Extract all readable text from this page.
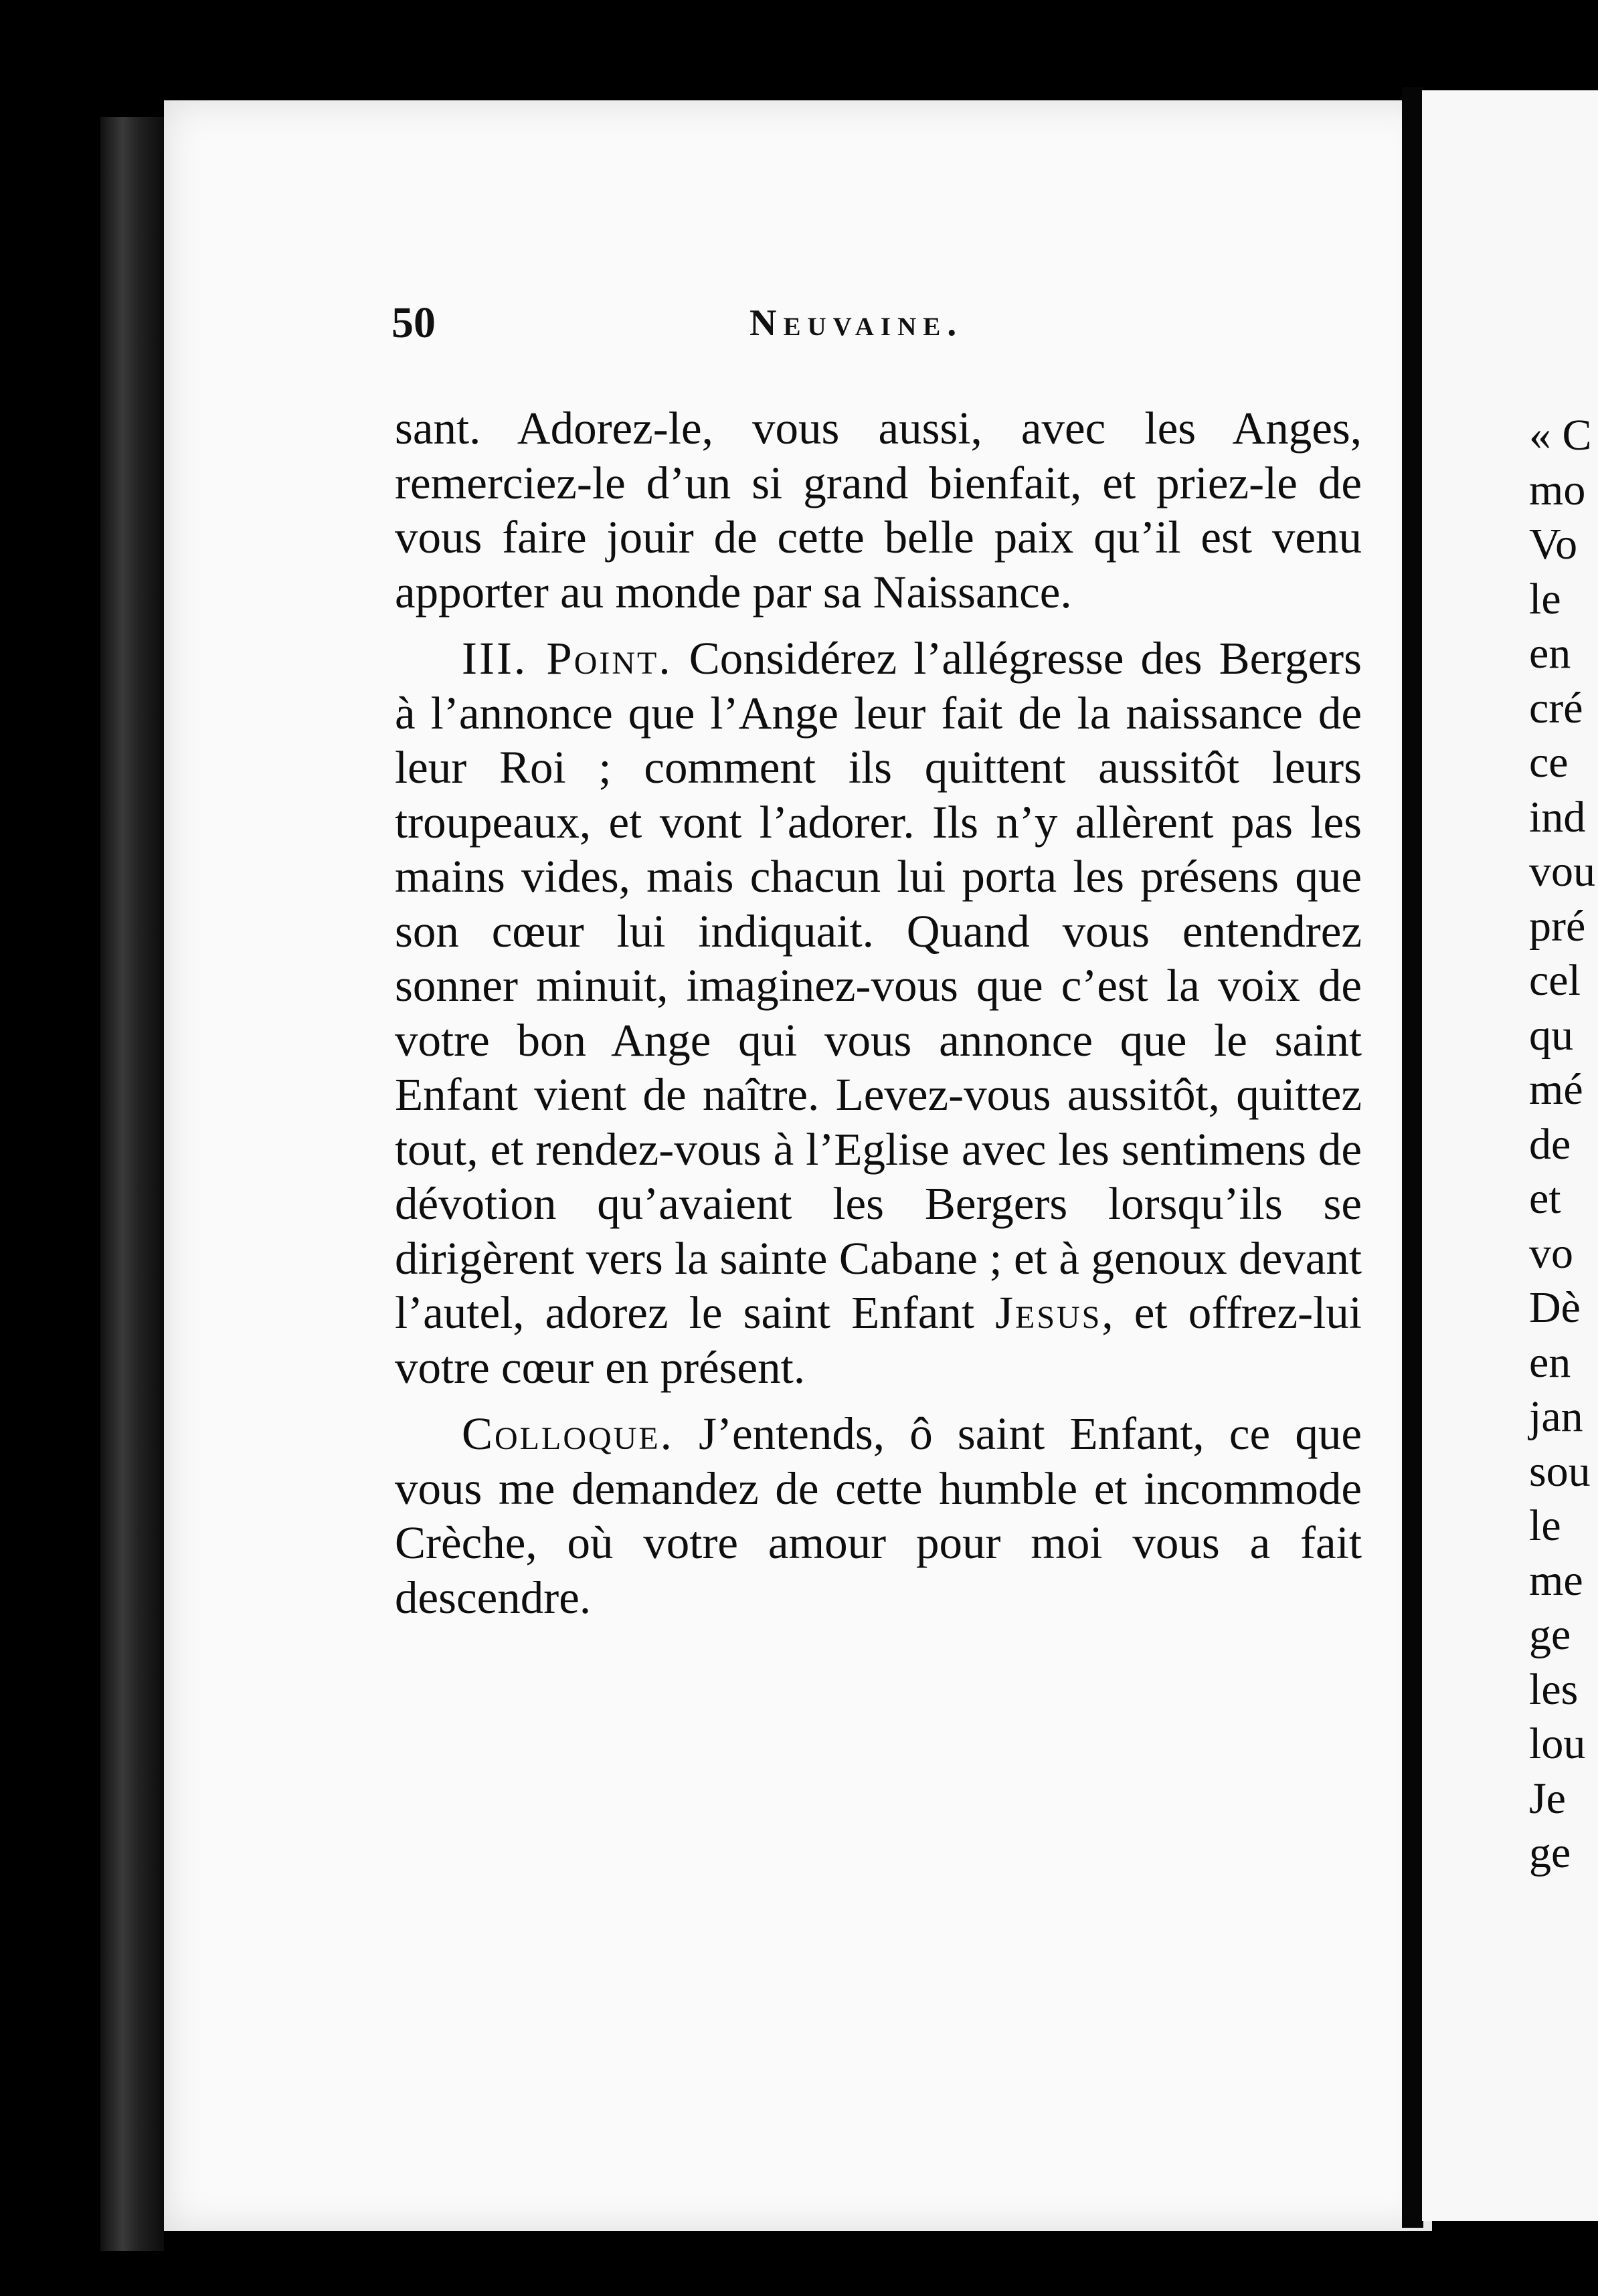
50	Neuvaine.

sant. Adorez-le, vous aussi, avec les Anges, remerciez-le d’un si grand bienfait, et priez-le de vous faire jouir de cette belle paix qu’il est venu apporter au monde par sa Naissance.

III. Point. Considérez l’allégresse des Bergers à l’annonce que l’Ange leur fait de la naissance de leur Roi ; comment ils quittent aussitôt leurs troupeaux, et vont l’adorer. Ils n’y allèrent pas les mains vides, mais chacun lui porta les présens que son cœur lui indiquait. Quand vous entendrez sonner minuit, imaginez-vous que c’est la voix de votre bon Ange qui vous annonce que le saint Enfant vient de naître. Levez-vous aussitôt, quittez tout, et rendez-vous à l’Eglise avec les sentimens de dévotion qu’avaient les Bergers lorsqu’ils se dirigèrent vers la sainte Cabane ; et à genoux devant l’autel, adorez le saint Enfant Jesus, et offrez-lui votre cœur en présent.

Colloque. J’entends, ô saint Enfant, ce que vous me demandez de cette humble et incommode Crèche, où votre amour pour moi vous a fait descendre.

« C
mo
Vo
le
en
cré
ce
ind
vou
pré
cel
qu
mé
de
et
vo
Dè
en
jan
sou
le
me
ge
les
lou
Je
ge
